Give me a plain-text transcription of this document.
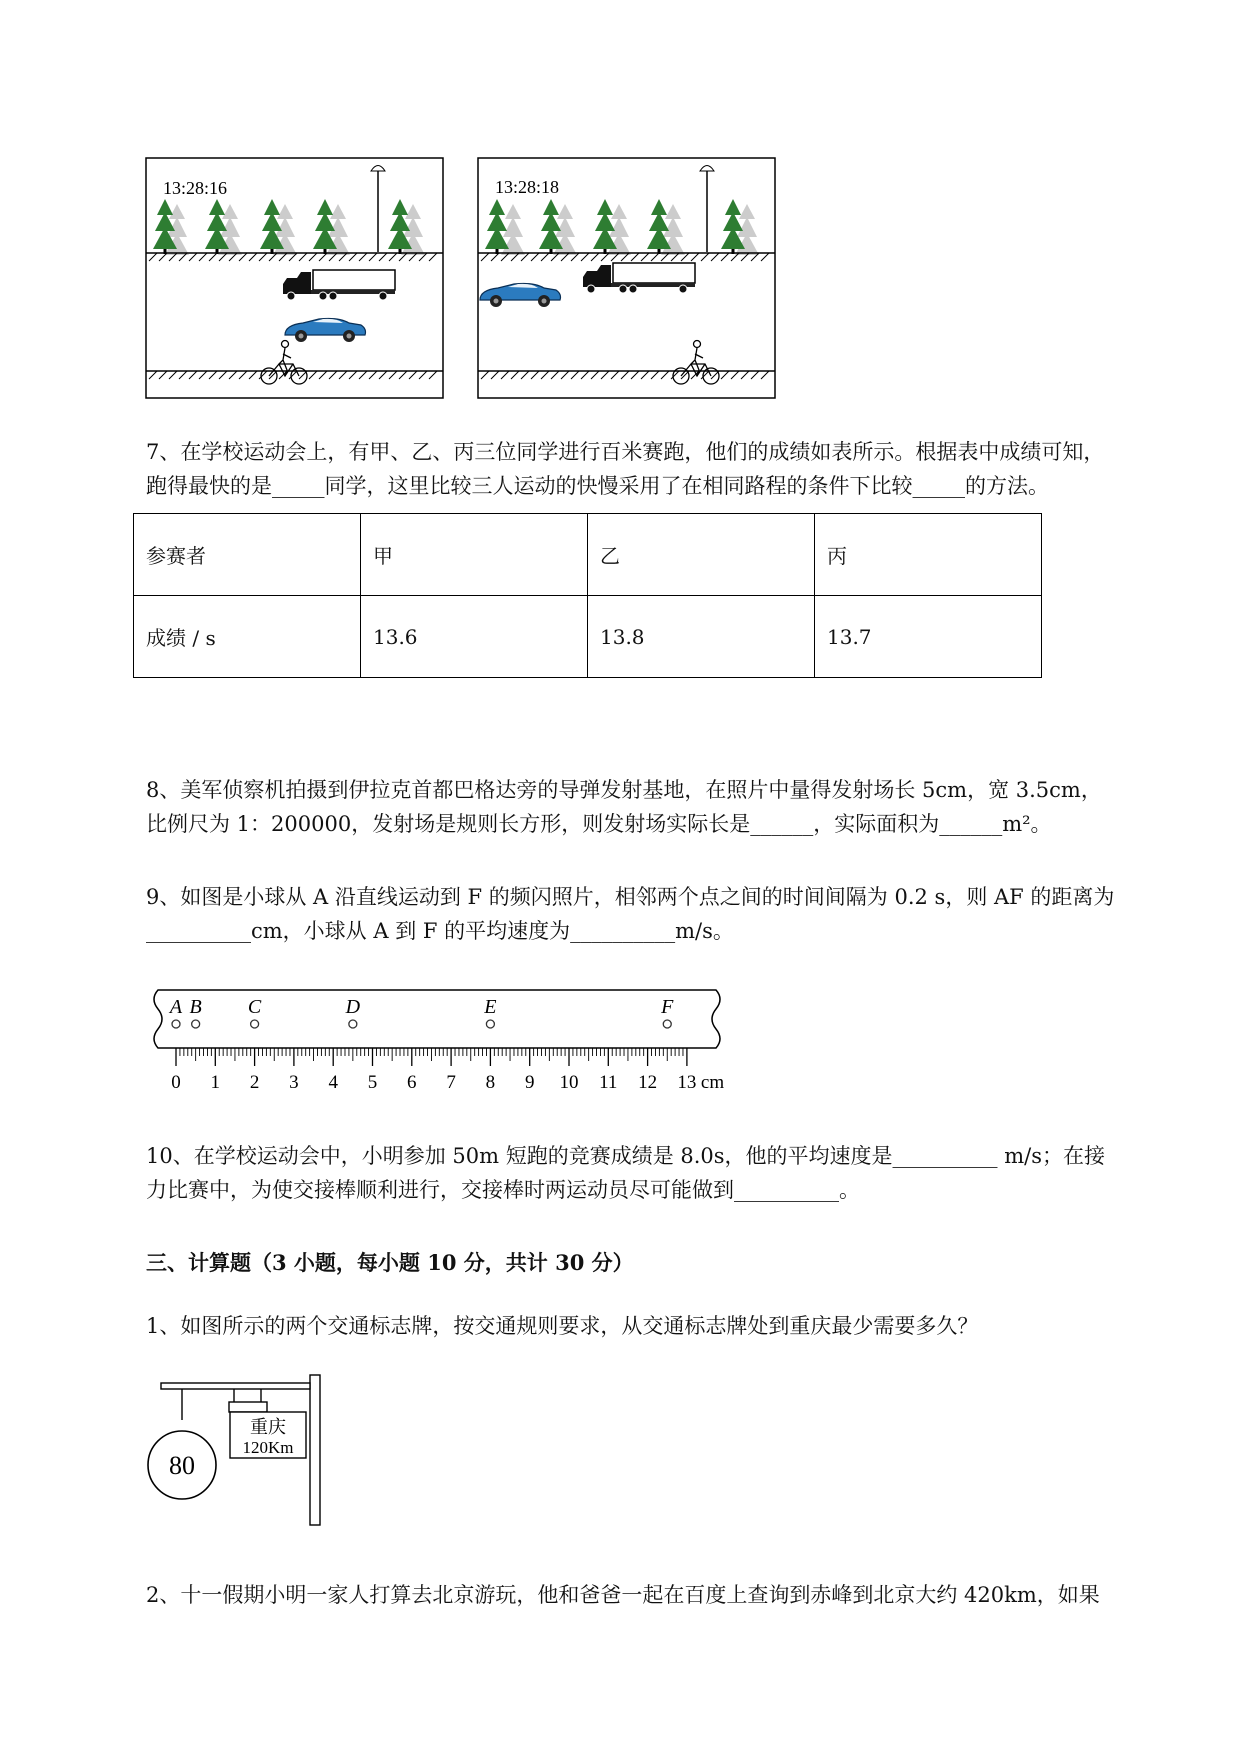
13:28:16	13:28:18
7、在学校运动会上，有甲、乙、丙三位同学进行百米赛跑，他们的成绩如表所示。根据表中成绩可知，
跑得最快的是_____同学，这里比较三人运动的快慢采用了在相同路程的条件下比较_____的方法。
参赛者	甲	乙	丙
成绩 / s	13.6	13.8	13.7
8、美军侦察机拍摄到伊拉克首都巴格达旁的导弹发射基地，在照片中量得发射场长 5cm，宽 3.5cm，
比例尺为 1：200000，发射场是规则长方形，则发射场实际长是______，实际面积为______m²。
9、如图是小球从 A 沿直线运动到 F 的频闪照片，相邻两个点之间的时间间隔为 0.2 s，则 AF 的距离为
__________cm，小球从 A 到 F 的平均速度为__________m/s。
0 1 2 3 4 5 6 7 8 9 10 11 12 13
A B C	D	E	F
cm
10、在学校运动会中，小明参加 50m 短跑的竞赛成绩是 8.0s，他的平均速度是__________ m/s；在接
力比赛中，为使交接棒顺利进行，交接棒时两运动员尽可能做到__________。
三、计算题（3 小题，每小题 10 分，共计 30 分）
1、如图所示的两个交通标志牌，按交通规则要求，从交通标志牌处到重庆最少需要多久？
80
重庆
120Km
2、十一假期小明一家人打算去北京游玩，他和爸爸一起在百度上查询到赤峰到北京大约 420km，如果
